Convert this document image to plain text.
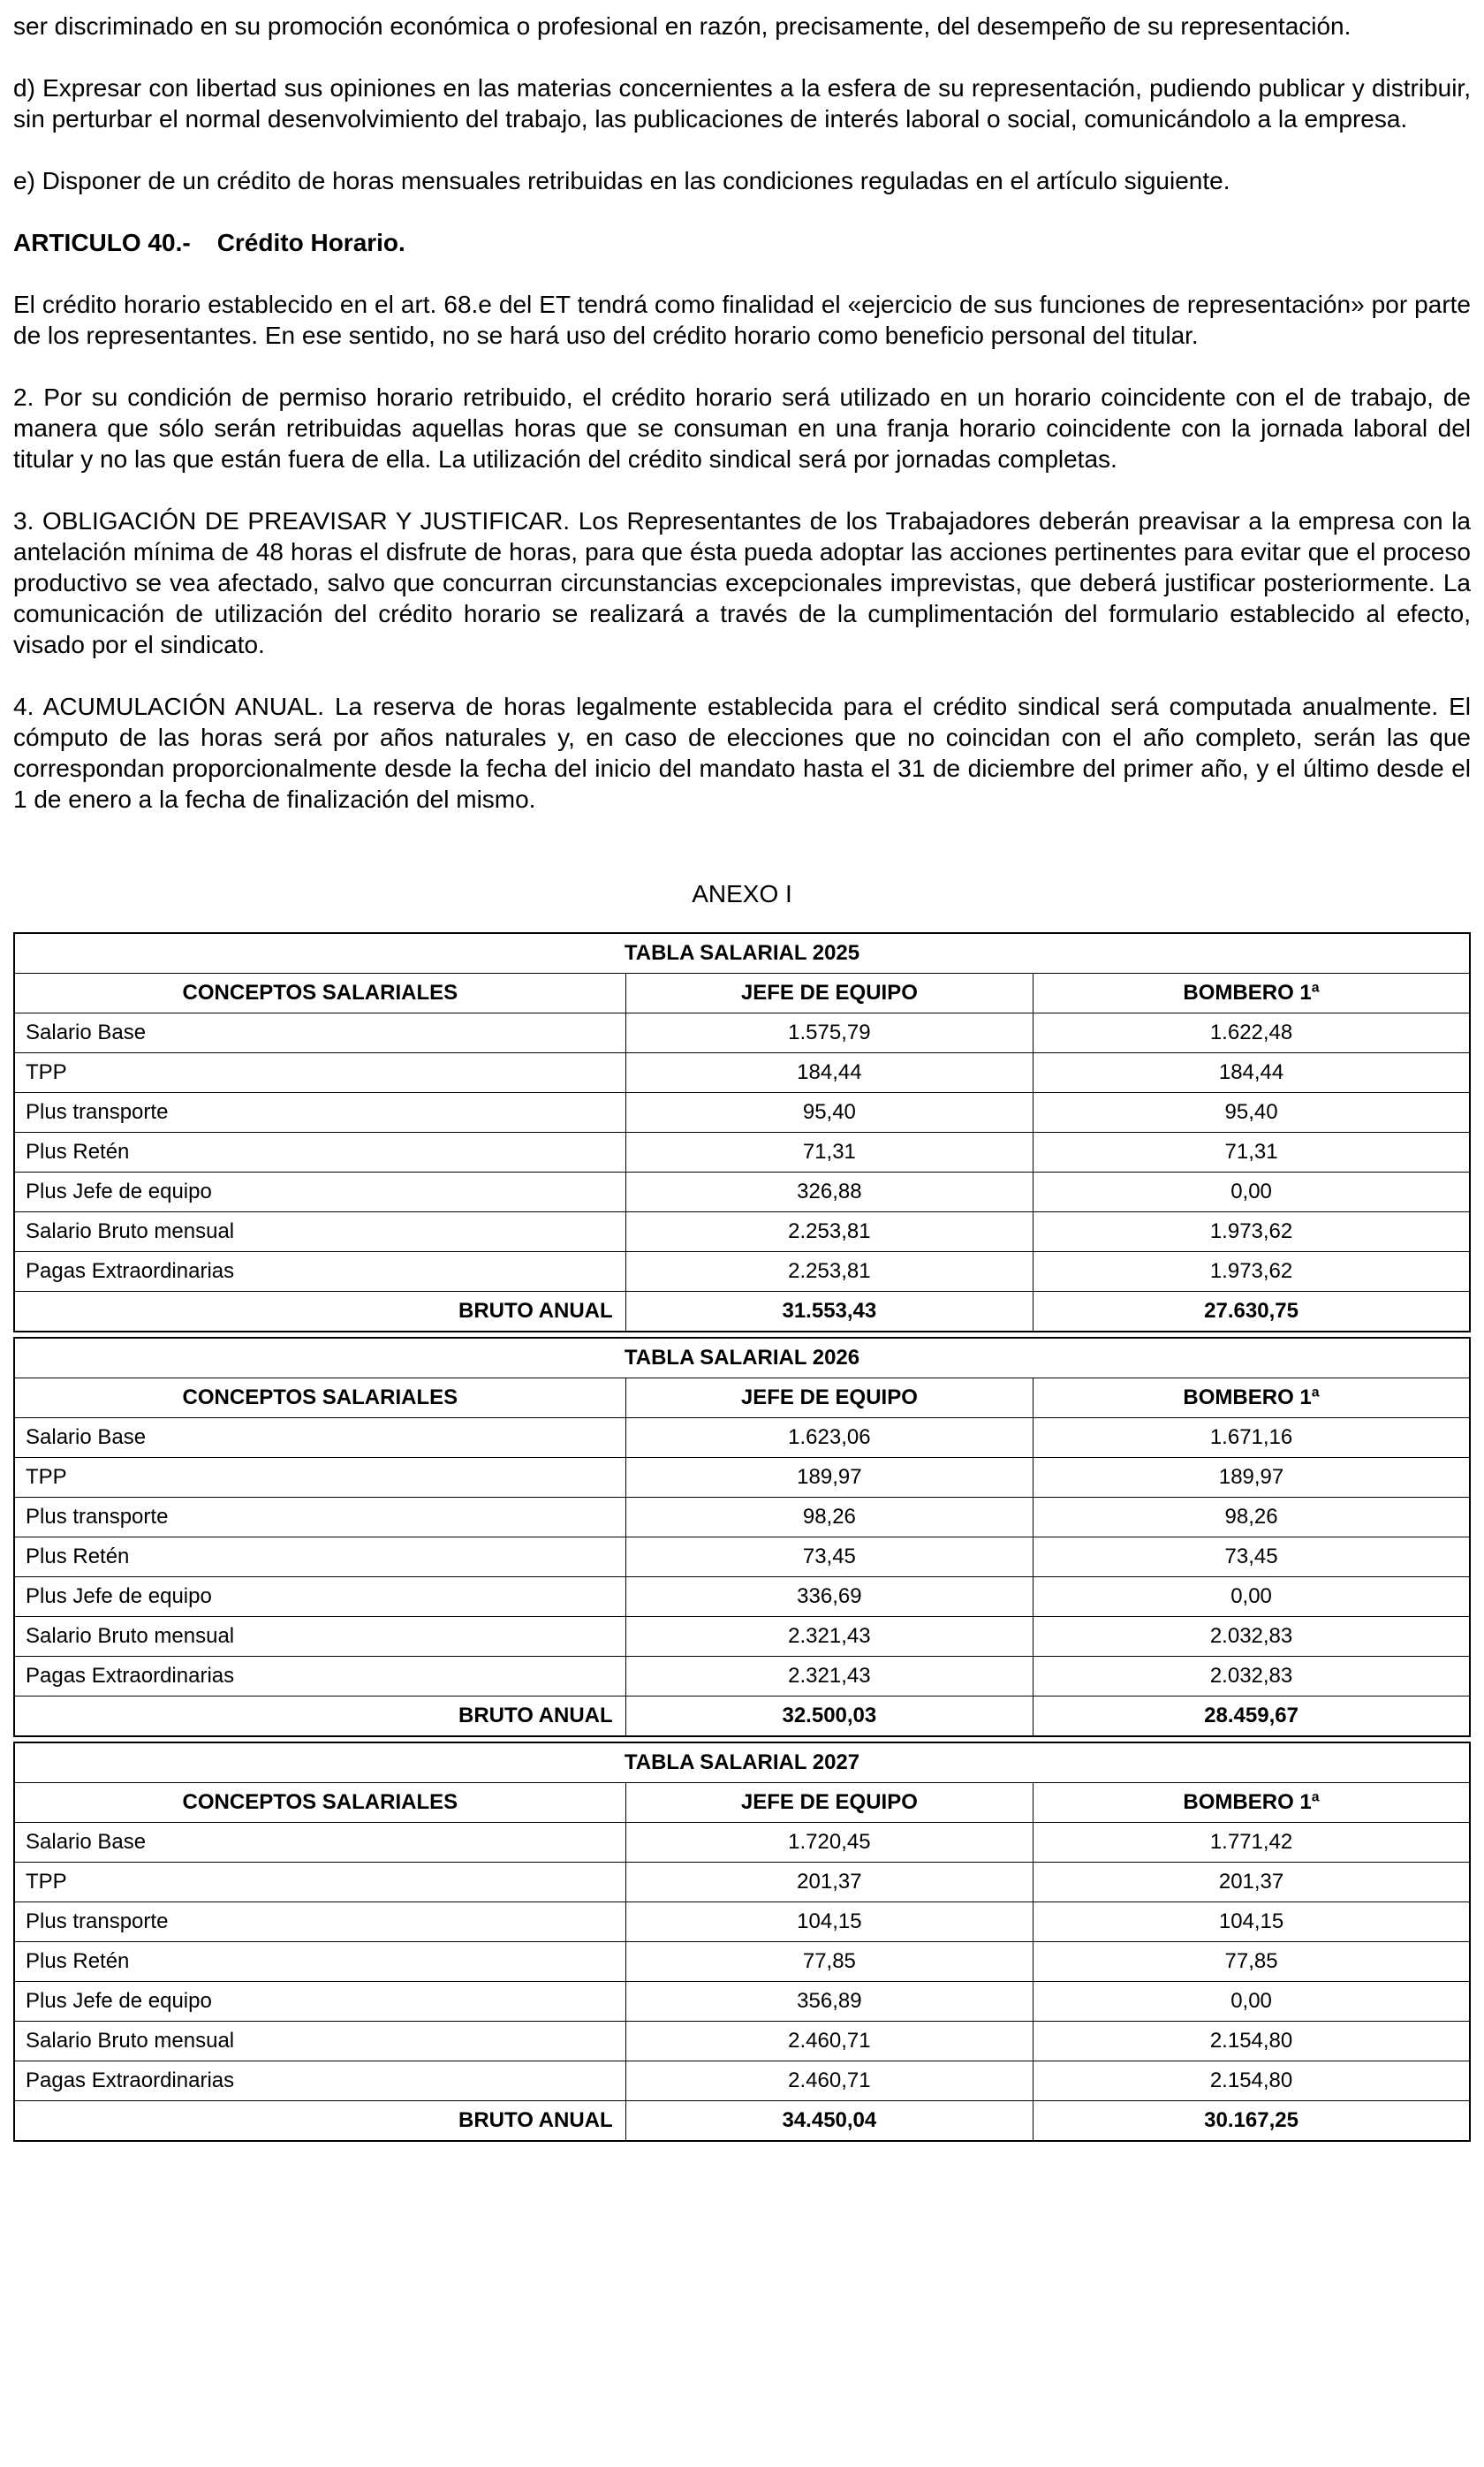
ser discriminado en su promoción económica o profesional en razón, precisamente, del desempeño de su representación.

d) Expresar con libertad sus opiniones en las materias concernientes a la esfera de su representación, pudiendo publicar y distribuir, sin perturbar el normal desenvolvimiento del trabajo, las publicaciones de interés laboral o social, comunicándolo a la empresa.

e) Disponer de un crédito de horas mensuales retribuidas en las condiciones reguladas en el artículo siguiente.

ARTICULO 40.- Crédito Horario.

El crédito horario establecido en el art. 68.e del ET tendrá como finalidad el «ejercicio de sus funciones de representación» por parte de los representantes. En ese sentido, no se hará uso del crédito horario como beneficio personal del titular.

2. Por su condición de permiso horario retribuido, el crédito horario será utilizado en un horario coincidente con el de trabajo, de manera que sólo serán retribuidas aquellas horas que se consuman en una franja horario coincidente con la jornada laboral del titular y no las que están fuera de ella. La utilización del crédito sindical será por jornadas completas.

3. OBLIGACIÓN DE PREAVISAR Y JUSTIFICAR. Los Representantes de los Trabajadores deberán preavisar a la empresa con la antelación mínima de 48 horas el disfrute de horas, para que ésta pueda adoptar las acciones pertinentes para evitar que el proceso productivo se vea afectado, salvo que concurran circunstancias excepcionales imprevistas, que deberá justificar posteriormente. La comunicación de utilización del crédito horario se realizará a través de la cumplimentación del formulario establecido al efecto, visado por el sindicato.

4. ACUMULACIÓN ANUAL. La reserva de horas legalmente establecida para el crédito sindical será computada anualmente. El cómputo de las horas será por años naturales y, en caso de elecciones que no coincidan con el año completo, serán las que correspondan proporcionalmente desde la fecha del inicio del mandato hasta el 31 de diciembre del primer año, y el último desde el 1 de enero a la fecha de finalización del mismo.

ANEXO I
TABLA SALARIAL 2025		
CONCEPTOS SALARIALES	JEFE DE EQUIPO	BOMBERO 1ª
Salario Base	1.575,79	1.622,48
TPP	184,44	184,44
Plus transporte	95,40	95,40
Plus Retén	71,31	71,31
Plus Jefe de equipo	326,88	0,00
Salario Bruto mensual	2.253,81	1.973,62
Pagas Extraordinarias	2.253,81	1.973,62
BRUTO ANUAL	31.553,43	27.630,75
TABLA SALARIAL 2026		
CONCEPTOS SALARIALES	JEFE DE EQUIPO	BOMBERO 1ª
Salario Base	1.623,06	1.671,16
TPP	189,97	189,97
Plus transporte	98,26	98,26
Plus Retén	73,45	73,45
Plus Jefe de equipo	336,69	0,00
Salario Bruto mensual	2.321,43	2.032,83
Pagas Extraordinarias	2.321,43	2.032,83
BRUTO ANUAL	32.500,03	28.459,67
TABLA SALARIAL 2027		
CONCEPTOS SALARIALES	JEFE DE EQUIPO	BOMBERO 1ª
Salario Base	1.720,45	1.771,42
TPP	201,37	201,37
Plus transporte	104,15	104,15
Plus Retén	77,85	77,85
Plus Jefe de equipo	356,89	0,00
Salario Bruto mensual	2.460,71	2.154,80
Pagas Extraordinarias	2.460,71	2.154,80
BRUTO ANUAL	34.450,04	30.167,25
